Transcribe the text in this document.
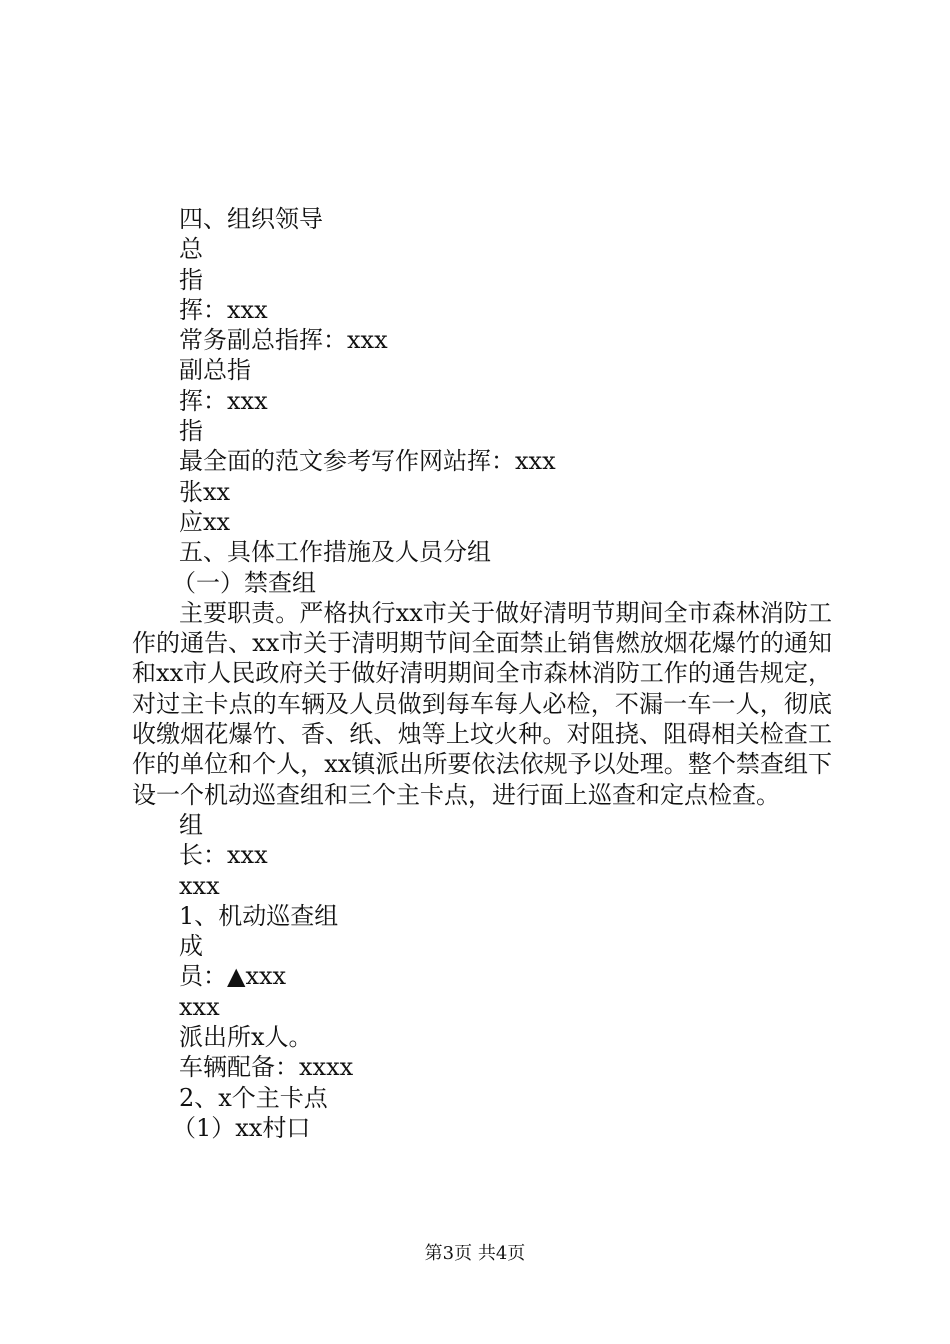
四、组织领导

总

指

挥：xxx

常务副总指挥：xxx

副总指

挥：xxx

指

最全面的范文参考写作网站挥：xxx

张xx

应xx

五、具体工作措施及人员分组

（一）禁查组

主要职责。严格执行xx市关于做好清明节期间全市森林消防工作的通告、xx市关于清明期节间全面禁止销售燃放烟花爆竹的通知和xx市人民政府关于做好清明期间全市森林消防工作的通告规定，对过主卡点的车辆及人员做到每车每人必检，不漏一车一人，彻底收缴烟花爆竹、香、纸、烛等上坟火种。对阻挠、阻碍相关检查工作的单位和个人，xx镇派出所要依法依规予以处理。整个禁查组下设一个机动巡查组和三个主卡点，进行面上巡查和定点检查。

组

长：xxx

xxx

1、机动巡查组

成

员：▲xxx

xxx

派出所x人。

车辆配备：xxxx

2、x个主卡点

（1）xx村口

第3页 共4页
